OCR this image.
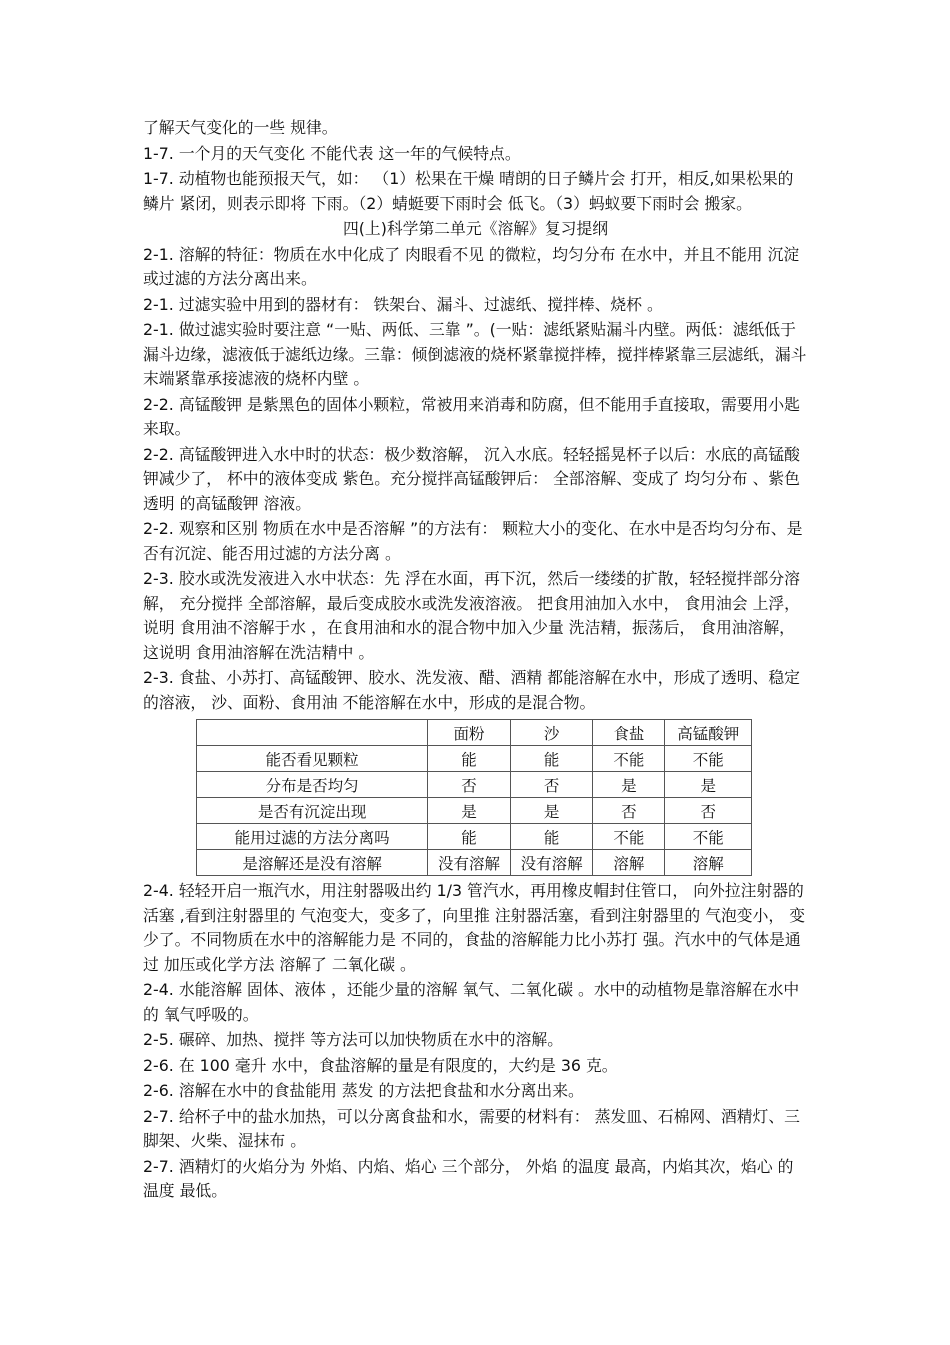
了解天气变化的一些 规律。

1-7. 一个月的天气变化 不能代表 这一年的气候特点。

1-7. 动植物也能预报天气，如： （1）松果在干燥 晴朗的日子鳞片会 打开，相反,如果松果的鳞片 紧闭，则表示即将 下雨。（2）蜻蜓要下雨时会 低飞。（3）蚂蚁要下雨时会 搬家。

四(上)科学第二单元《溶解》复习提纲

2-1. 溶解的特征：物质在水中化成了 肉眼看不见 的微粒，均匀分布 在水中，并且不能用 沉淀或过滤的方法分离出来。

2-1. 过滤实验中用到的器材有： 铁架台、漏斗、过滤纸、搅拌棒、烧杯 。

2-1. 做过滤实验时要注意 “一贴、两低、三靠 ”。(一贴：滤纸紧贴漏斗内壁。两低：滤纸低于漏斗边缘，滤液低于滤纸边缘。三靠：倾倒滤液的烧杯紧靠搅拌棒，搅拌棒紧靠三层滤纸，漏斗末端紧靠承接滤液的烧杯内壁 。

2-2. 高锰酸钾 是紫黑色的固体小颗粒，常被用来消毒和防腐，但不能用手直接取，需要用小匙来取。

2-2. 高锰酸钾进入水中时的状态：极少数溶解， 沉入水底。轻轻摇晃杯子以后：水底的高锰酸钾减少了， 杯中的液体变成 紫色。充分搅拌高锰酸钾后： 全部溶解、变成了 均匀分布 、紫色透明 的高锰酸钾 溶液。

2-2. 观察和区别 物质在水中是否溶解 ”的方法有： 颗粒大小的变化、在水中是否均匀分布、是否有沉淀、能否用过滤的方法分离 。

2-3. 胶水或洗发液进入水中状态：先 浮在水面，再下沉，然后一缕缕的扩散，轻轻搅拌部分溶解， 充分搅拌 全部溶解，最后变成胶水或洗发液溶液。 把食用油加入水中， 食用油会 上浮，说明 食用油不溶解于水 ，在食用油和水的混合物中加入少量 洗洁精，振荡后， 食用油溶解，这说明 食用油溶解在洗洁精中 。

2-3. 食盐、小苏打、高锰酸钾、胶水、洗发液、醋、酒精 都能溶解在水中，形成了透明、稳定的溶液， 沙、面粉、食用油 不能溶解在水中，形成的是混合物。

	面粉	沙	食盐	高锰酸钾
能否看见颗粒	能	能	不能	不能
分布是否均匀	否	否	是	是
是否有沉淀出现	是	是	否	否
能用过滤的方法分离吗	能	能	不能	不能
是溶解还是没有溶解	没有溶解	没有溶解	溶解	溶解

2-4. 轻轻开启一瓶汽水，用注射器吸出约 1/3 管汽水，再用橡皮帽封住管口， 向外拉注射器的活塞 ,看到注射器里的 气泡变大，变多了，向里推 注射器活塞，看到注射器里的 气泡变小， 变少了。不同物质在水中的溶解能力是 不同的，食盐的溶解能力比小苏打 强。汽水中的气体是通过 加压或化学方法 溶解了 二氧化碳 。

2-4. 水能溶解 固体、液体 ，还能少量的溶解 氧气、二氧化碳 。水中的动植物是靠溶解在水中的 氧气呼吸的。

2-5. 碾碎、加热、搅拌 等方法可以加快物质在水中的溶解。

2-6. 在 100 毫升 水中，食盐溶解的量是有限度的，大约是 36 克。

2-6. 溶解在水中的食盐能用 蒸发 的方法把食盐和水分离出来。

2-7. 给杯子中的盐水加热，可以分离食盐和水，需要的材料有： 蒸发皿、石棉网、酒精灯、三脚架、火柴、湿抹布 。

2-7. 酒精灯的火焰分为 外焰、内焰、焰心 三个部分， 外焰 的温度 最高，内焰其次，焰心 的温度 最低。
